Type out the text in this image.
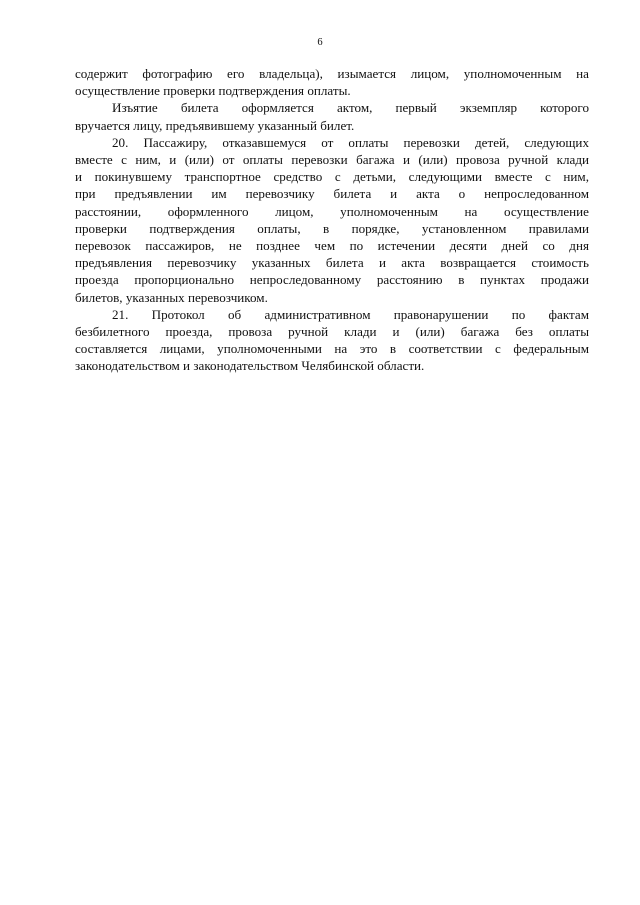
6
содержит фотографию его владельца), изымается лицом, уполномоченным на
осуществление проверки подтверждения оплаты.
Изъятие билета оформляется актом, первый экземпляр которого
вручается лицу, предъявившему указанный билет.
20. Пассажиру, отказавшемуся от оплаты перевозки детей, следующих
вместе с ним, и (или) от оплаты перевозки багажа и (или) провоза ручной клади
и покинувшему транспортное средство с детьми, следующими вместе с ним,
при предъявлении им перевозчику билета и акта о непроследованном
расстоянии, оформленного лицом, уполномоченным на осуществление
проверки подтверждения оплаты, в порядке, установленном правилами
перевозок пассажиров, не позднее чем по истечении десяти дней со дня
предъявления перевозчику указанных билета и акта возвращается стоимость
проезда пропорционально непроследованному расстоянию в пунктах продажи
билетов, указанных перевозчиком.
21. Протокол об административном правонарушении по фактам
безбилетного проезда, провоза ручной клади и (или) багажа без оплаты
составляется лицами, уполномоченными на это в соответствии с федеральным
законодательством и законодательством Челябинской области.
